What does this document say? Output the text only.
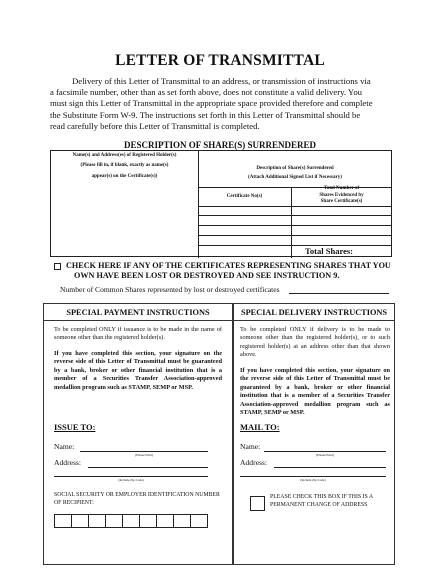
LETTER OF TRANSMITTAL
Delivery of this Letter of Transmittal to an address, or transmission of instructions via
a facsimile number, other than as set forth above, does not constitute a valid delivery. You
must sign this Letter of Transmittal in the appropriate space provided therefore and complete
the Substitute Form W-9. The instructions set forth in this Letter of Transmittal should be
read carefully before this Letter of Transmittal is completed.
DESCRIPTION OF SHARE(S) SURRENDERED
Name(s) and Address(es) of Registered Holder(s)
(Please fill in, if blank, exactly as name(s)
appear(s) on the Certificate(s))
Description of Share(s) Surrendered
(Attach Additional Signed List if Necessary)
Certificate No(s)
Total Number of
Shares Evidenced by
Share Certificate(s)
Total Shares:
CHECK HERE IF ANY OF THE CERTIFICATES REPRESENTING SHARES THAT YOU
OWN HAVE BEEN LOST OR DESTROYED AND SEE INSTRUCTION 9.
Number of Common Shares represented by lost or destroyed certificates
SPECIAL PAYMENT INSTRUCTIONS
To be completed ONLY if issuance is to be made in the name of someone other than the registered holder(s).
If you have completed this section, your signature on the reverse side of this Letter of Transmittal must be guaranteed by a bank, broker or other financial institution that is a member of a Securities Transfer Association-approved medallion program such as STAMP, SEMP or MSP.
ISSUE TO:
Name:
(Please Print)
Address:
(Include Zip Code)
SOCIAL SECURITY OR EMPLOYER IDENTIFICATION NUMBER
OF RECIPIENT:
SPECIAL DELIVERY INSTRUCTIONS
To be completed ONLY if delivery is to be made to someone other than the registered holder(s), or to such registered holder(s) at an address other than that shown above.
If you have completed this section, your signature on the reverse side of this Letter of Transmittal must be guaranteed by a bank, broker or other financial institution that is a member of a Securities Transfer Association-approved medallion program such as STAMP, SEMP or MSP.
MAIL TO:
Name:
(Please Print)
Address:
(Include Zip Code)
PLEASE CHECK THIS BOX IF THIS IS A
PERMANENT CHANGE OF ADDRESS
